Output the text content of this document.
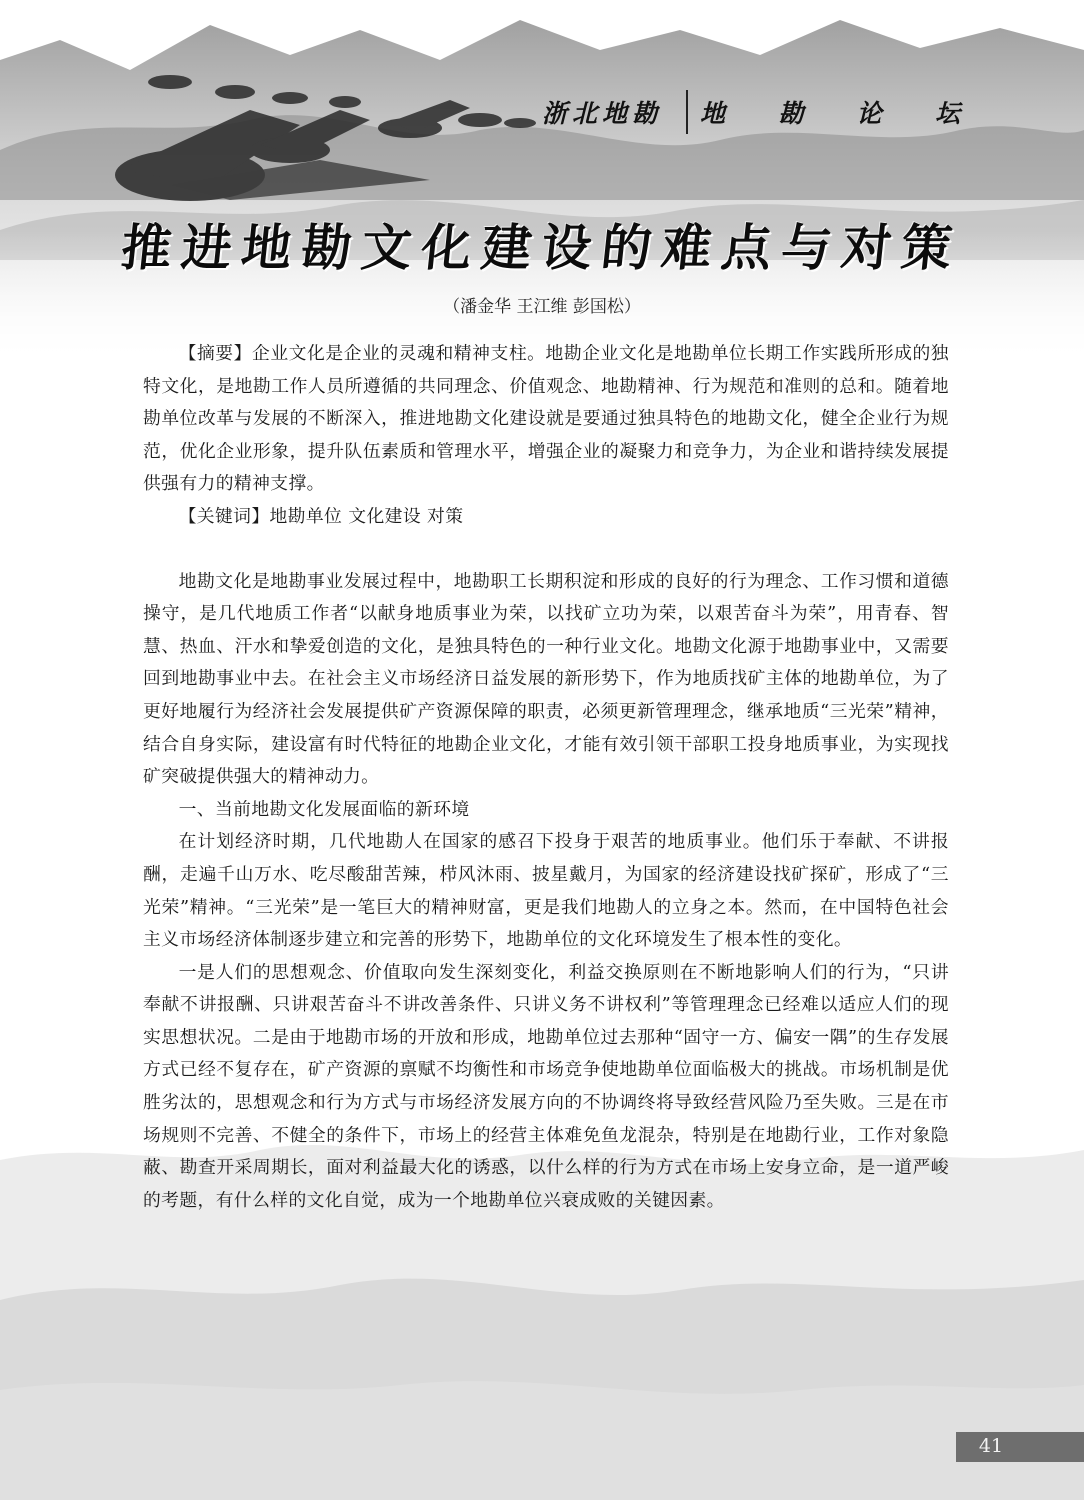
浙北地勘 地 勘 论 坛
推进地勘文化建设的难点与对策
（潘金华 王江维 彭国松）

【摘要】企业文化是企业的灵魂和精神支柱。地勘企业文化是地勘单位长期工作实践所形成的独特文化，是地勘工作人员所遵循的共同理念、价值观念、地勘精神、行为规范和准则的总和。随着地勘单位改革与发展的不断深入，推进地勘文化建设就是要通过独具特色的地勘文化，健全企业行为规范，优化企业形象，提升队伍素质和管理水平，增强企业的凝聚力和竞争力，为企业和谐持续发展提供强有力的精神支撑。

【关键词】地勘单位 文化建设 对策

地勘文化是地勘事业发展过程中，地勘职工长期积淀和形成的良好的行为理念、工作习惯和道德操守，是几代地质工作者“以献身地质事业为荣，以找矿立功为荣，以艰苦奋斗为荣”，用青春、智慧、热血、汗水和挚爱创造的文化，是独具特色的一种行业文化。地勘文化源于地勘事业中，又需要回到地勘事业中去。在社会主义市场经济日益发展的新形势下，作为地质找矿主体的地勘单位，为了更好地履行为经济社会发展提供矿产资源保障的职责，必须更新管理理念，继承地质“三光荣”精神，结合自身实际，建设富有时代特征的地勘企业文化，才能有效引领干部职工投身地质事业，为实现找矿突破提供强大的精神动力。

一、当前地勘文化发展面临的新环境

在计划经济时期，几代地勘人在国家的感召下投身于艰苦的地质事业。他们乐于奉献、不讲报酬，走遍千山万水、吃尽酸甜苦辣，栉风沐雨、披星戴月，为国家的经济建设找矿探矿，形成了“三光荣”精神。“三光荣”是一笔巨大的精神财富，更是我们地勘人的立身之本。然而，在中国特色社会主义市场经济体制逐步建立和完善的形势下，地勘单位的文化环境发生了根本性的变化。

一是人们的思想观念、价值取向发生深刻变化，利益交换原则在不断地影响人们的行为，“只讲奉献不讲报酬、只讲艰苦奋斗不讲改善条件、只讲义务不讲权利”等管理理念已经难以适应人们的现实思想状况。二是由于地勘市场的开放和形成，地勘单位过去那种“固守一方、偏安一隅”的生存发展方式已经不复存在，矿产资源的禀赋不均衡性和市场竞争使地勘单位面临极大的挑战。市场机制是优胜劣汰的，思想观念和行为方式与市场经济发展方向的不协调终将导致经营风险乃至失败。三是在市场规则不完善、不健全的条件下，市场上的经营主体难免鱼龙混杂，特别是在地勘行业，工作对象隐蔽、勘查开采周期长，面对利益最大化的诱惑，以什么样的行为方式在市场上安身立命，是一道严峻的考题，有什么样的文化自觉，成为一个地勘单位兴衰成败的关键因素。

41
